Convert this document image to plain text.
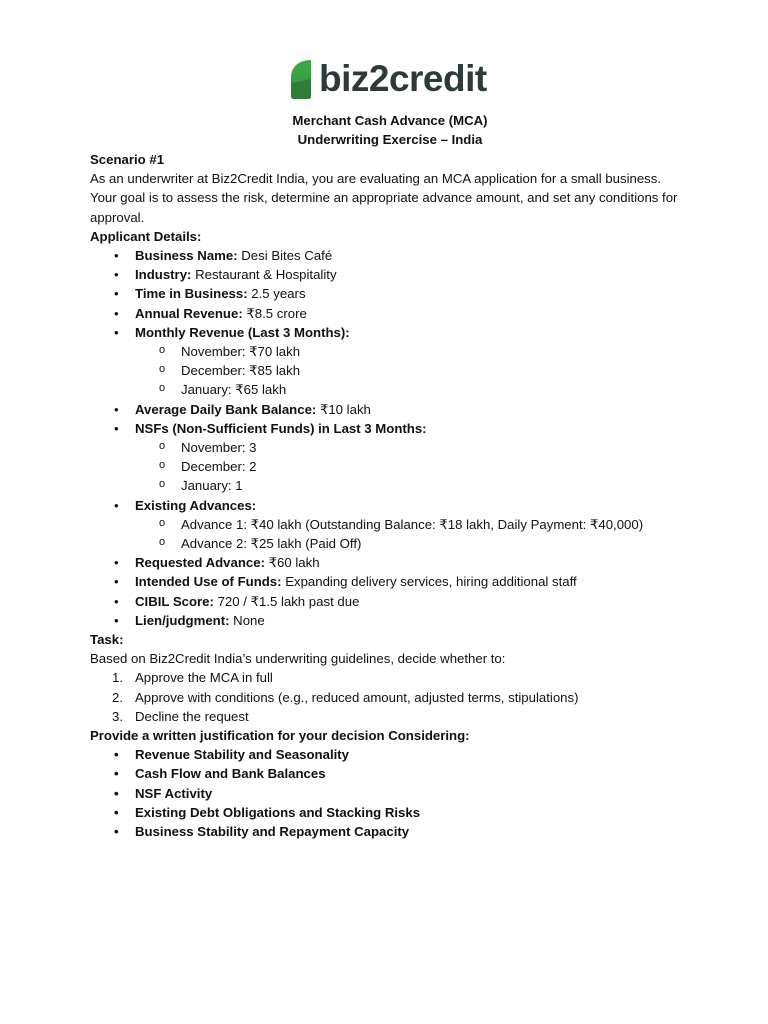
biz2credit

Merchant Cash Advance (MCA)

Underwriting Exercise – India

Scenario #1

As an underwriter at Biz2Credit India, you are evaluating an MCA application for a small business. Your goal is to assess the risk, determine an appropriate advance amount, and set any conditions for approval.

Applicant Details:

• Business Name: Desi Bites Café
• Industry: Restaurant & Hospitality
• Time in Business: 2.5 years
• Annual Revenue: ₹8.5 crore
• Monthly Revenue (Last 3 Months):
o November: ₹70 lakh
o December: ₹85 lakh
o January: ₹65 lakh
• Average Daily Bank Balance: ₹10 lakh
• NSFs (Non-Sufficient Funds) in Last 3 Months:
o November: 3
o December: 2
o January: 1
• Existing Advances:
o Advance 1: ₹40 lakh (Outstanding Balance: ₹18 lakh, Daily Payment: ₹40,000)
o Advance 2: ₹25 lakh (Paid Off)
• Requested Advance: ₹60 lakh
• Intended Use of Funds: Expanding delivery services, hiring additional staff
• CIBIL Score: 720 / ₹1.5 lakh past due
• Lien/judgment: None

Task:

Based on Biz2Credit India’s underwriting guidelines, decide whether to:

1. Approve the MCA in full
2. Approve with conditions (e.g., reduced amount, adjusted terms, stipulations)
3. Decline the request

Provide a written justification for your decision Considering:

• Revenue Stability and Seasonality
• Cash Flow and Bank Balances
• NSF Activity
• Existing Debt Obligations and Stacking Risks
• Business Stability and Repayment Capacity
